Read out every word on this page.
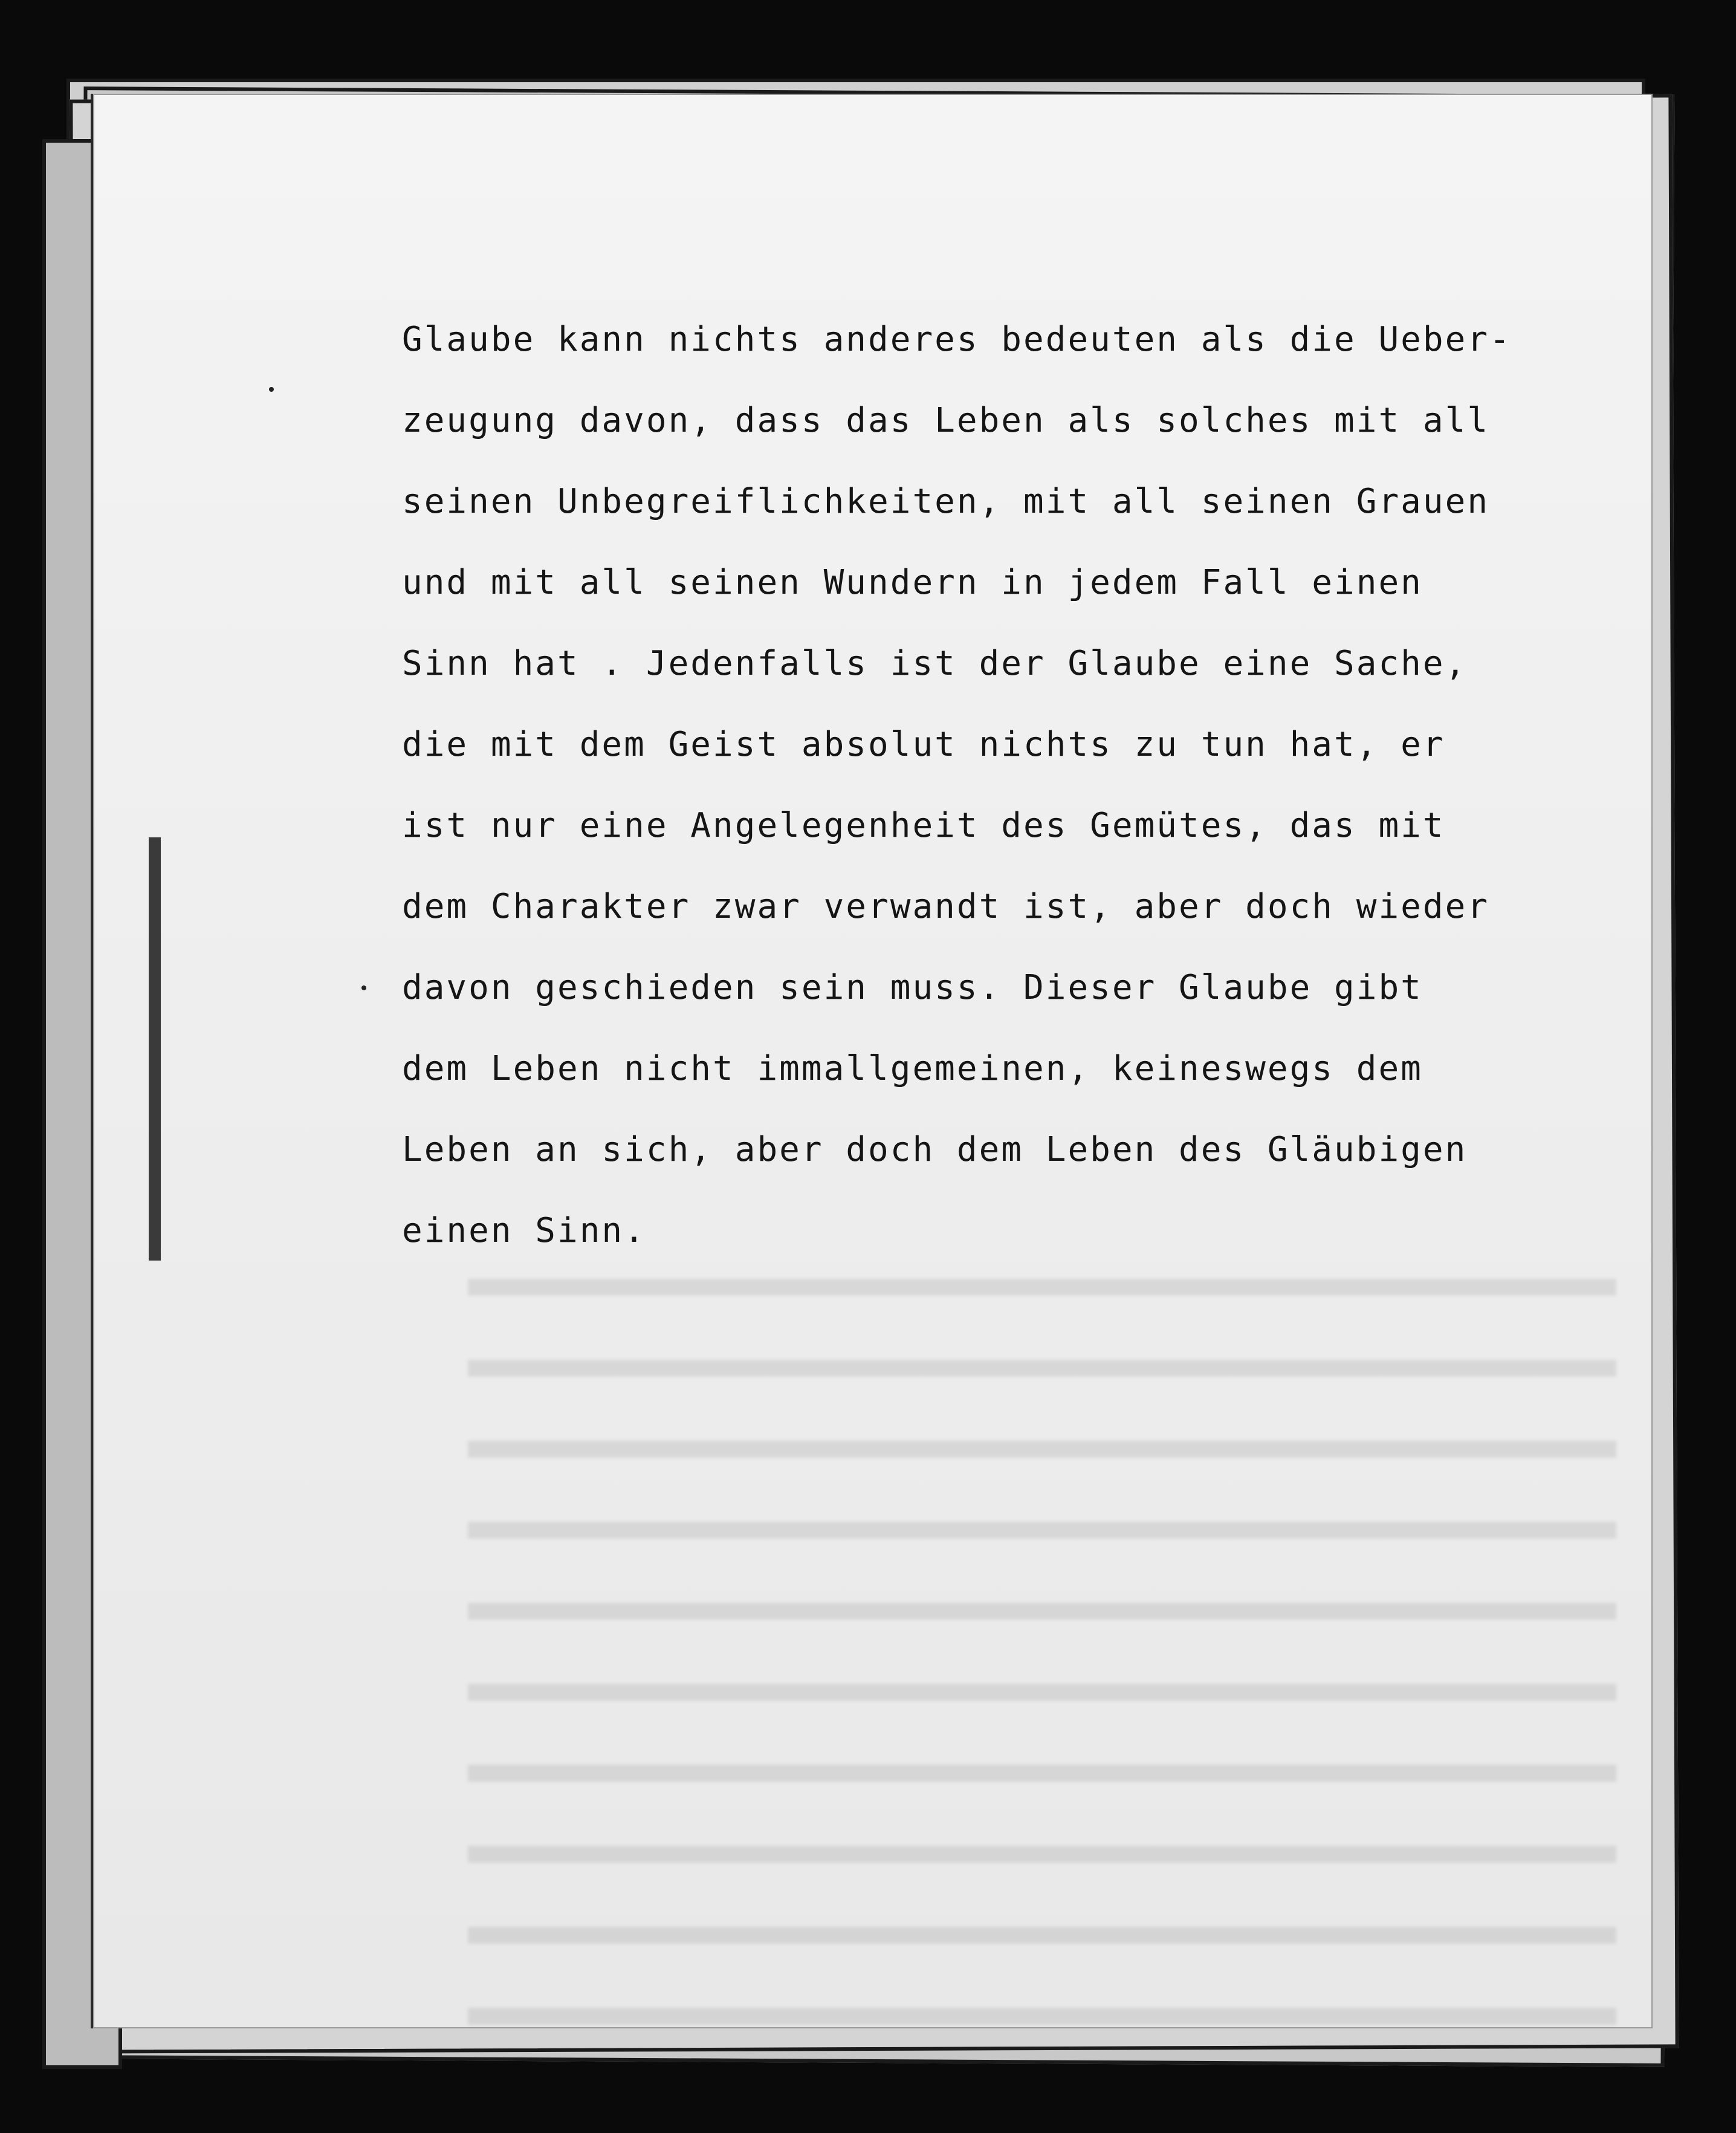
Glaube kann nichts anderes bedeuten als die Ueber-
zeugung davon, dass das Leben als solches mit all
seinen Unbegreiflichkeiten, mit all seinen Grauen
und mit all seinen Wundern in jedem Fall einen
Sinn hat . Jedenfalls ist der Glaube eine Sache,
die mit dem Geist absolut nichts zu tun hat, er
ist nur eine Angelegenheit des Gemütes, das mit
dem Charakter zwar verwandt ist, aber doch wieder
davon geschieden sein muss. Dieser Glaube gibt
dem Leben nicht immallgemeinen, keineswegs dem
Leben an sich, aber doch dem Leben des Gläubigen
einen Sinn.
